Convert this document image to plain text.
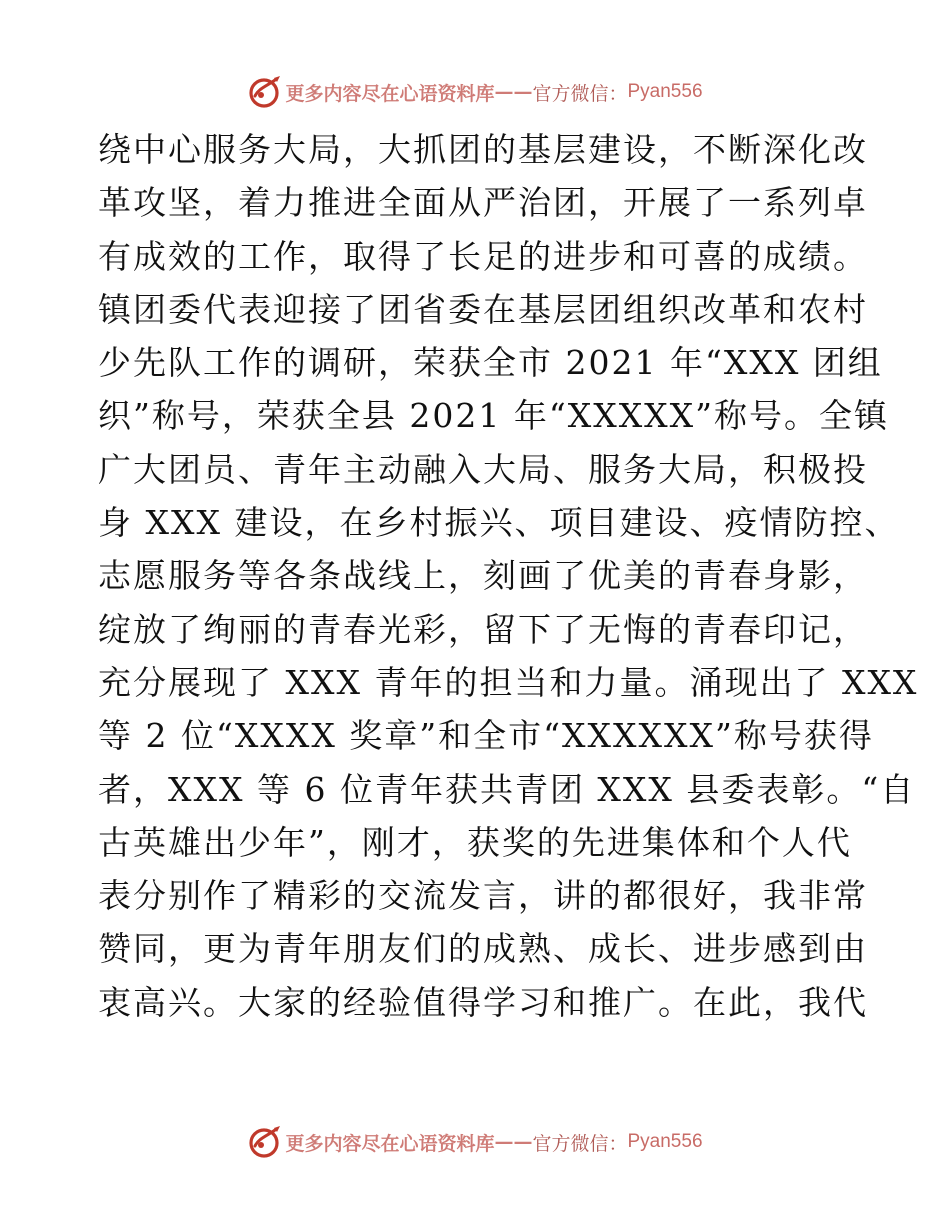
更多内容尽在心语资料库 —— 官方微信： Pyan556
绕中心服务大局，大抓团的基层建设，不断深化改
革攻坚，着力推进全面从严治团，开展了一系列卓
有成效的工作，取得了长足的进步和可喜的成绩。
镇团委代表迎接了团省委在基层团组织改革和农村
少先队工作的调研，荣获全市 2021 年“XXX 团组
织”称号，荣获全县 2021 年“XXXXX”称号。全镇
广大团员、青年主动融入大局、服务大局，积极投
身 XXX 建设，在乡村振兴、项目建设、疫情防控、
志愿服务等各条战线上，刻画了优美的青春身影，
绽放了绚丽的青春光彩，留下了无悔的青春印记，
充分展现了 XXX 青年的担当和力量。涌现出了 XXX
等 2 位“XXXX 奖章”和全市“XXXXXX”称号获得
者，XXX 等 6 位青年获共青团 XXX 县委表彰。“自
古英雄出少年”，刚才，获奖的先进集体和个人代
表分别作了精彩的交流发言，讲的都很好，我非常
赞同，更为青年朋友们的成熟、成长、进步感到由
衷高兴。大家的经验值得学习和推广。在此，我代
更多内容尽在心语资料库 —— 官方微信： Pyan556
